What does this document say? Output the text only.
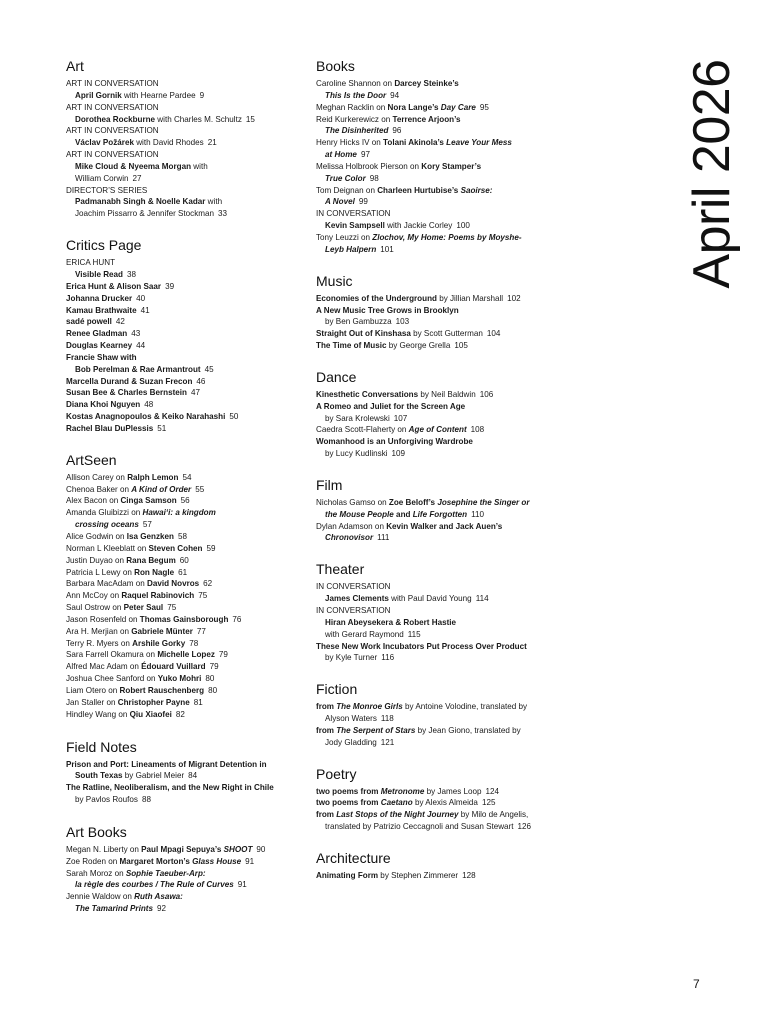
Art
ART IN CONVERSATION
April Gornik with Hearne Pardee 9
ART IN CONVERSATION
Dorothea Rockburne with Charles M. Schultz 15
ART IN CONVERSATION
Václav Požárek with David Rhodes 21
ART IN CONVERSATION
Mike Cloud & Nyeema Morgan with
William Corwin 27
DIRECTOR’S SERIES
Padmanabh Singh & Noelle Kadar with
Joachim Pissarro & Jennifer Stockman 33
Critics Page
ERICA HUNT
Visible Read 38
Erica Hunt & Alison Saar 39
Johanna Drucker 40
Kamau Brathwaite 41
sadé powell 42
Renee Gladman 43
Douglas Kearney 44
Francie Shaw with
Bob Perelman & Rae Armantrout 45
Marcella Durand & Suzan Frecon 46
Susan Bee & Charles Bernstein 47
Diana Khoi Nguyen 48
Kostas Anagnopoulos & Keiko Narahashi 50
Rachel Blau DuPlessis 51
ArtSeen
Allison Carey on Ralph Lemon 54
Chenoa Baker on A Kind of Order 55
Alex Bacon on Cinga Samson 56
Amanda Gluibizzi on Hawai‘i: a kingdom
crossing oceans 57
Alice Godwin on Isa Genzken 58
Norman L Kleeblatt on Steven Cohen 59
Justin Duyao on Rana Begum 60
Patricia L Lewy on Ron Nagle 61
Barbara MacAdam on David Novros 62
Ann McCoy on Raquel Rabinovich 75
Saul Ostrow on Peter Saul 75
Jason Rosenfeld on Thomas Gainsborough 76
Ara H. Merjian on Gabriele Münter 77
Terry R. Myers on Arshile Gorky 78
Sara Farrell Okamura on Michelle Lopez 79
Alfred Mac Adam on Édouard Vuillard 79
Joshua Chee Sanford on Yuko Mohri 80
Liam Otero on Robert Rauschenberg 80
Jan Staller on Christopher Payne 81
Hindley Wang on Qiu Xiaofei 82
Field Notes
Prison and Port: Lineaments of Migrant Detention in
South Texas by Gabriel Meier 84
The Ratline, Neoliberalism, and the New Right in Chile
by Pavlos Roufos 88
Art Books
Megan N. Liberty on Paul Mpagi Sepuya’s SHOOT 90
Zoe Roden on Margaret Morton’s Glass House 91
Sarah Moroz on Sophie Taeuber-Arp:
la règle des courbes / The Rule of Curves 91
Jennie Waldow on Ruth Asawa:
The Tamarind Prints 92
Books
Caroline Shannon on Darcey Steinke’s
This Is the Door 94
Meghan Racklin on Nora Lange’s Day Care 95
Reid Kurkerewicz on Terrence Arjoon’s
The Disinherited 96
Henry Hicks IV on Tolani Akinola’s Leave Your Mess
at Home 97
Melissa Holbrook Pierson on Kory Stamper’s
True Color 98
Tom Deignan on Charleen Hurtubise’s Saoirse:
A Novel 99
IN CONVERSATION
Kevin Sampsell with Jackie Corley 100
Tony Leuzzi on Zlochov, My Home: Poems by Moyshe-
Leyb Halpern 101
Music
Economies of the Underground by Jillian Marshall 102
A New Music Tree Grows in Brooklyn
by Ben Gambuzza 103
Straight Out of Kinshasa by Scott Gutterman 104
The Time of Music by George Grella 105
Dance
Kinesthetic Conversations by Neil Baldwin 106
A Romeo and Juliet for the Screen Age
by Sara Krolewski 107
Caedra Scott-Flaherty on Age of Content 108
Womanhood is an Unforgiving Wardrobe
by Lucy Kudlinski 109
Film
Nicholas Gamso on Zoe Beloff’s Josephine the Singer or
the Mouse People and Life Forgotten 110
Dylan Adamson on Kevin Walker and Jack Auen’s
Chronovisor 111
Theater
IN CONVERSATION
James Clements with Paul David Young 114
IN CONVERSATION
Hiran Abeysekera & Robert Hastie
with Gerard Raymond 115
These New Work Incubators Put Process Over Product
by Kyle Turner 116
Fiction
from The Monroe Girls by Antoine Volodine, translated by
Alyson Waters 118
from The Serpent of Stars by Jean Giono, translated by
Jody Gladding 121
Poetry
two poems from Metronome by James Loop 124
two poems from Caetano by Alexis Almeida 125
from Last Stops of the Night Journey by Milo de Angelis,
translated by Patrizio Ceccagnoli and Susan Stewart 126
Architecture
Animating Form by Stephen Zimmerer 128
April 2026
7
